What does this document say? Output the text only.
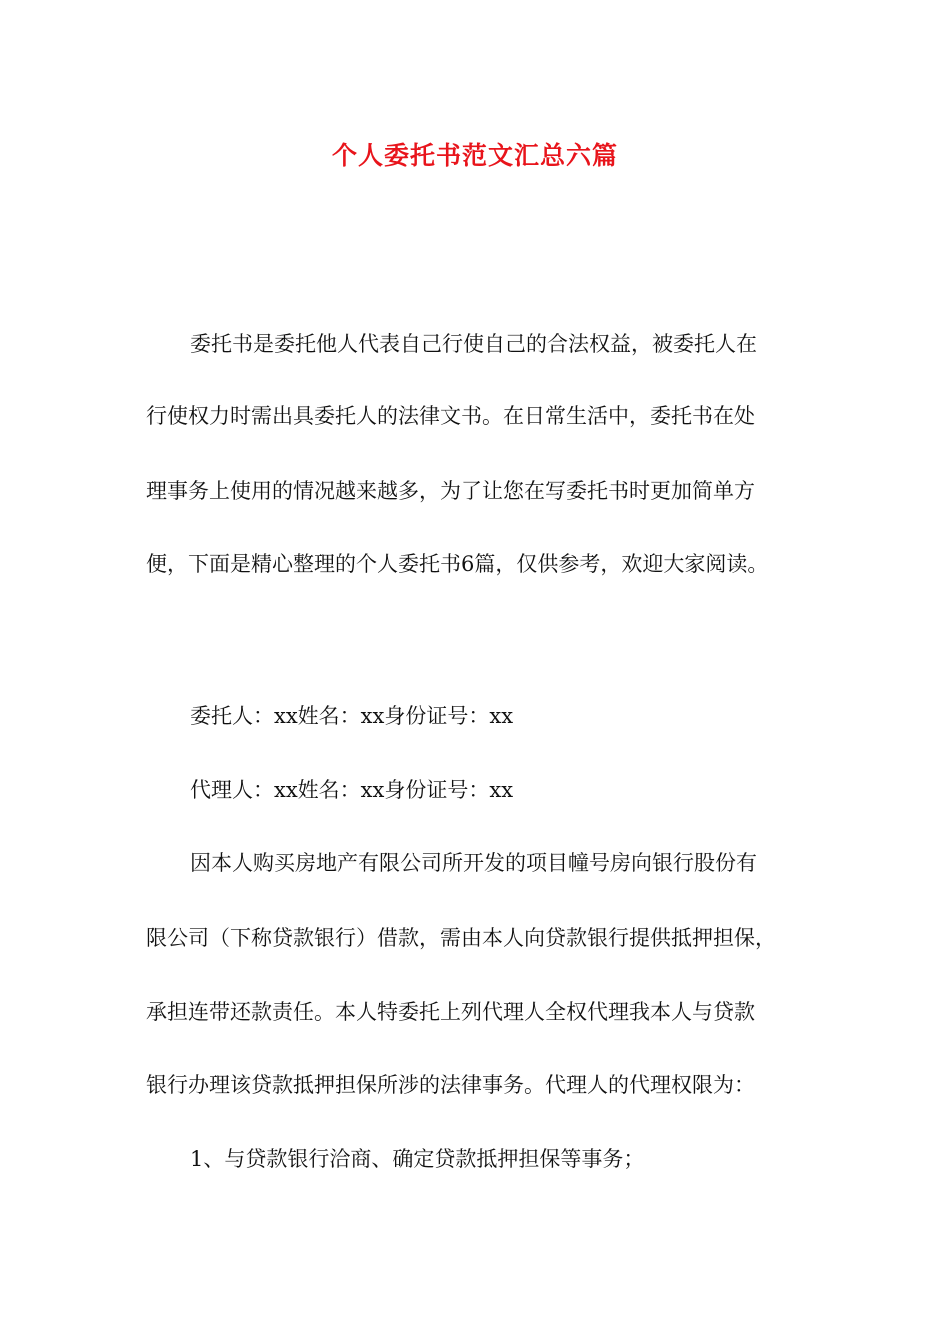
个人委托书范文汇总六篇
委托书是委托他人代表自己行使自己的合法权益，被委托人在
行使权力时需出具委托人的法律文书。在日常生活中，委托书在处
理事务上使用的情况越来越多，为了让您在写委托书时更加简单方
便，下面是精心整理的个人委托书6篇，仅供参考，欢迎大家阅读。
委托人：xx姓名：xx身份证号：xx
代理人：xx姓名：xx身份证号：xx
因本人购买房地产有限公司所开发的项目幢号房向银行股份有
限公司（下称贷款银行）借款，需由本人向贷款银行提供抵押担保，
承担连带还款责任。本人特委托上列代理人全权代理我本人与贷款
银行办理该贷款抵押担保所涉的法律事务。代理人的代理权限为：
1、与贷款银行洽商、确定贷款抵押担保等事务；
